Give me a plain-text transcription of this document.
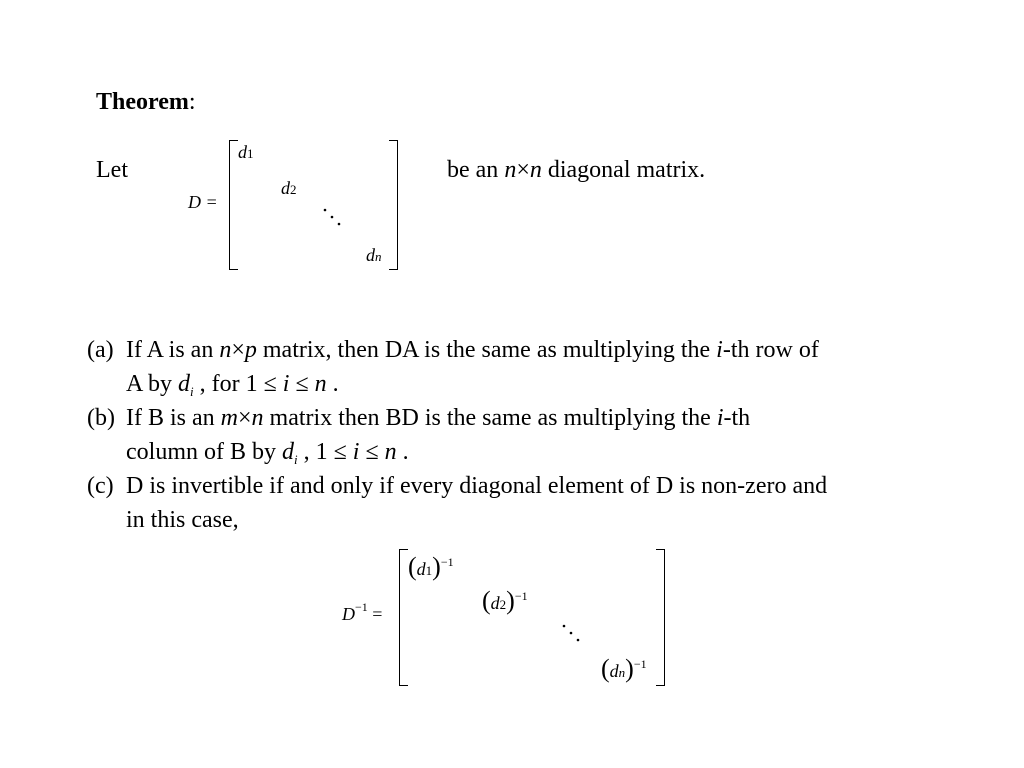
Theorem:
Let
D =
d1
d2
dn
be an n×n diagonal matrix.
(a) If A is an n×p matrix, then DA is the same as multiplying the i-th row of
A by $d_i$ , for 1 ≤ i ≤ n .
(b) If B is an m×n matrix then BD is the same as multiplying the i-th
column of B by $d_i$ , 1 ≤ i ≤ n .
(c) D is invertible if and only if every diagonal element of D is non-zero and
in this case,
$D^{-1}$ =
$(d1)^{-1}$
$(d2)^{-1}$
(dn)$^{-1}$
